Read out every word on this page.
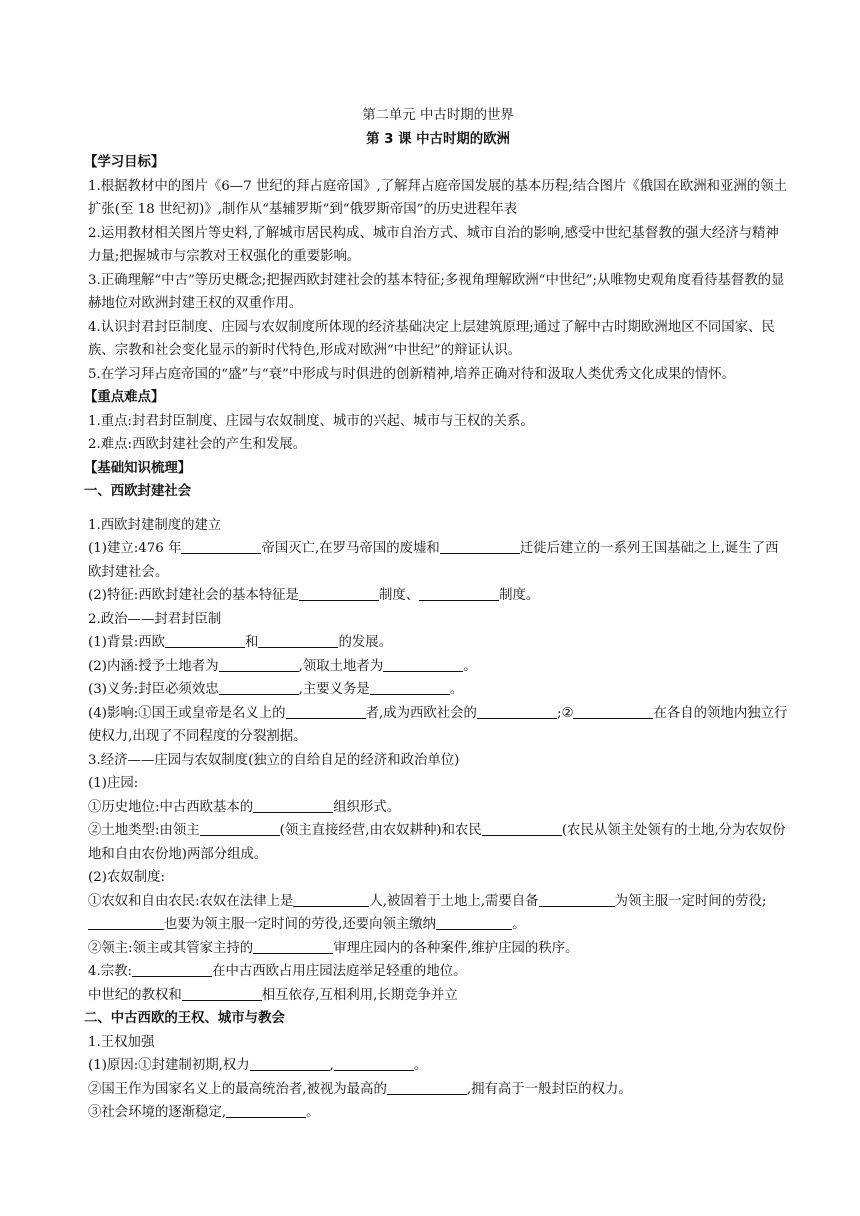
第二单元 中古时期的世界
第 3 课 中古时期的欧洲
【学习目标】
1.根据教材中的图片《6—7 世纪的拜占庭帝国》,了解拜占庭帝国发展的基本历程;结合图片《俄国在欧洲和亚洲的领土扩张(至 18 世纪初)》,制作从“基辅罗斯”到“俄罗斯帝国”的历史进程年表
2.运用教材相关图片等史料,了解城市居民构成、城市自治方式、城市自治的影响,感受中世纪基督教的强大经济与精神力量;把握城市与宗教对王权强化的重要影响。
3.正确理解“中古”等历史概念;把握西欧封建社会的基本特征;多视角理解欧洲“中世纪”;从唯物史观角度看待基督教的显赫地位对欧洲封建王权的双重作用。
4.认识封君封臣制度、庄园与农奴制度所体现的经济基础决定上层建筑原理;通过了解中古时期欧洲地区不同国家、民族、宗教和社会变化显示的新时代特色,形成对欧洲“中世纪”的辩证认识。
5.在学习拜占庭帝国的“盛”与“衰”中形成与时俱进的创新精神,培养正确对待和汲取人类优秀文化成果的情怀。
【重点难点】
1.重点:封君封臣制度、庄园与农奴制度、城市的兴起、城市与王权的关系。
2.难点:西欧封建社会的产生和发展。
【基础知识梳理】
一、西欧封建社会
1.西欧封建制度的建立
(1)建立:476 年	帝国灭亡,在罗马帝国的废墟和	迁徙后建立的一系列王国基础之上,诞生了西欧封建社会。
(2)特征:西欧封建社会的基本特征是	制度、	制度。
2.政治——封君封臣制
(1)背景:西欧	和	的发展。
(2)内涵:授予土地者为	,领取土地者为	。
(3)义务:封臣必须效忠	,主要义务是	。
(4)影响:①国王或皇帝是名义上的	者,成为西欧社会的	;②	在各自的领地内独立行使权力,出现了不同程度的分裂割据。
3.经济——庄园与农奴制度(独立的自给自足的经济和政治单位)
(1)庄园:
①历史地位:中古西欧基本的	组织形式。
②土地类型:由领主	(领主直接经营,由农奴耕种)和农民	(农民从领主处领有的土地,分为农奴份地和自由农份地)两部分组成。
(2)农奴制度:
①农奴和自由农民:农奴在法律上是	人,被固着于土地上,需要自备	为领主服一定时间的劳役;也要为领主服一定时间的劳役,还要向领主缴纳	。
②领主:领主或其管家主持的	审理庄园内的各种案件,维护庄园的秩序。
4.宗教:	在中古西欧占用庄园法庭举足轻重的地位。
中世纪的教权和	相互依存,互相利用,长期竞争并立
二、中古西欧的王权、城市与教会
1.王权加强
(1)原因:①封建制初期,权力	,	。
②国王作为国家名义上的最高统治者,被视为最高的	,拥有高于一般封臣的权力。
③社会环境的逐渐稳定,	。
